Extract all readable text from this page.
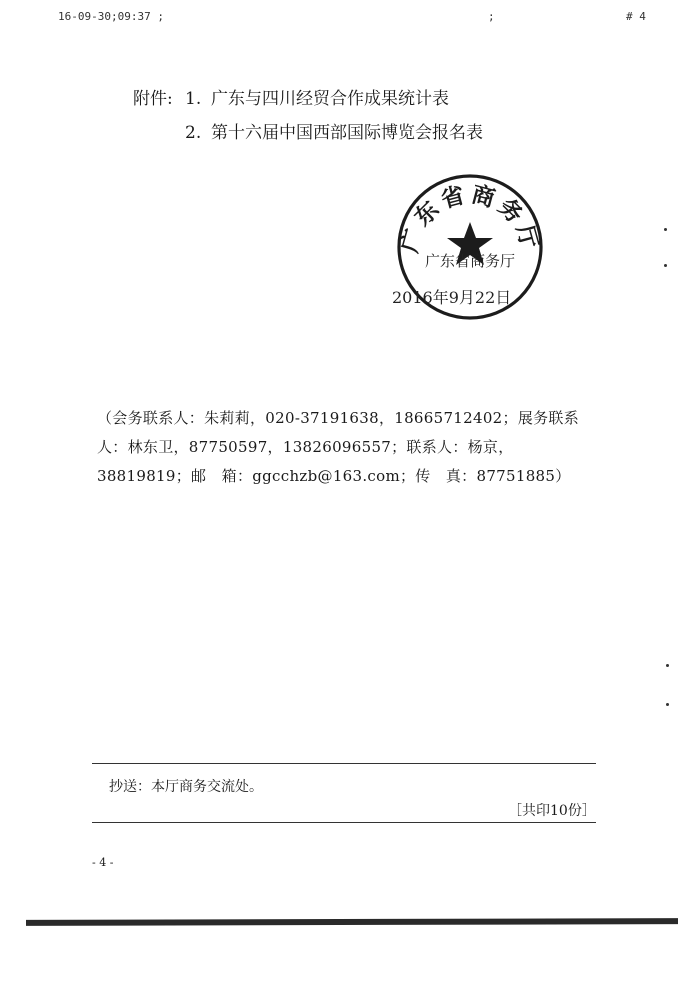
16-09-30;09:37 ;	;	# 4
附件: 1. 广东与四川经贸合作成果统计表
2. 第十六届中国西部国际博览会报名表
广东省商务厅
广东省商务厅
2016年9月22日
（会务联系人：朱莉莉，020-37191638，18665712402；展务联系人：林东卫，87750597，13826096557；联系人：杨京，38819819；邮　箱：ggcchzb@163.com；传　真：87751885）
抄送：本厅商务交流处。
［共印10份］
- 4 -
